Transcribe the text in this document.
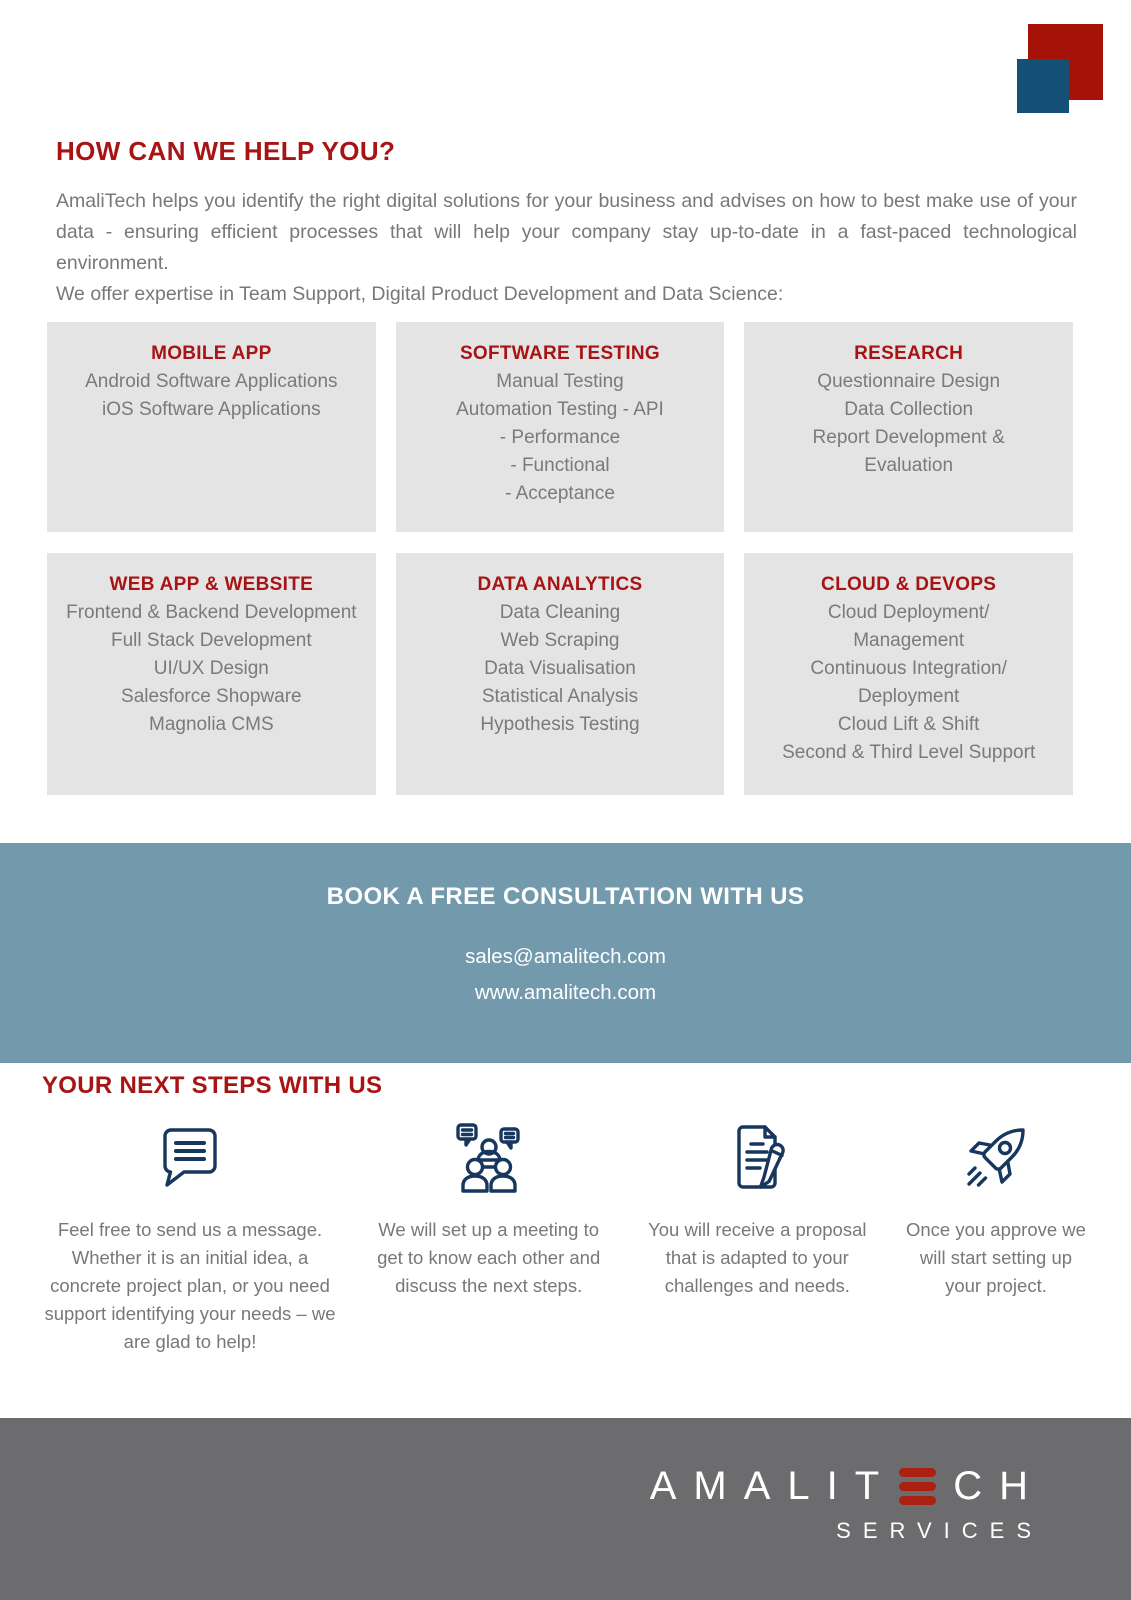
HOW CAN WE HELP YOU?
AmaliTech helps you identify the right digital solutions for your business and advises on how to best make use of your data - ensuring efficient processes that will help your company stay up-to-date in a fast-paced technological environment.
We offer expertise in Team Support, Digital Product Development and Data Science:
MOBILE APP
Android Software Applications
iOS Software Applications
SOFTWARE TESTING
Manual Testing
Automation Testing - API
- Performance
- Functional
- Acceptance
RESEARCH
Questionnaire Design
Data Collection
Report Development &
Evaluation
WEB APP & WEBSITE
Frontend & Backend Development
Full Stack Development
UI/UX Design
Salesforce Shopware
Magnolia CMS
DATA ANALYTICS
Data Cleaning
Web Scraping
Data Visualisation
Statistical Analysis
Hypothesis Testing
CLOUD & DEVOPS
Cloud Deployment/
Management
Continuous Integration/
Deployment
Cloud Lift & Shift
Second & Third Level Support
BOOK A FREE CONSULTATION WITH US
sales@amalitech.com
www.amalitech.com
YOUR NEXT STEPS WITH US
Feel free to send us a message. Whether it is an initial idea, a concrete project plan, or you need support identifying your needs – we are glad to help!
We will set up a meeting to get to know each other and discuss the next steps.
You will receive a proposal that is adapted to your challenges and needs.
Once you approve we will start setting up your project.
AMALIT CH
SERVICES
